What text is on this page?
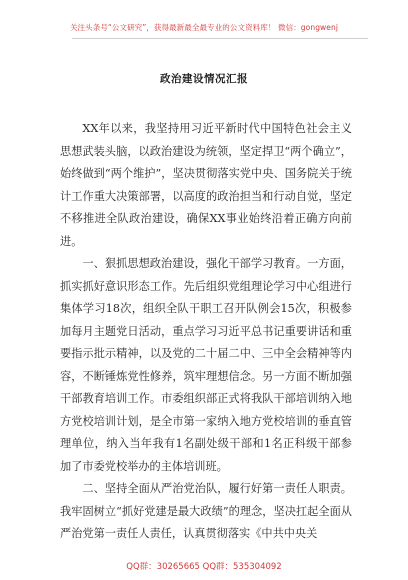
关注头条号“公文研究”，获得最新最全最专业的公文资料库！ 微信：gongwenj
政治建设情况汇报

XX年以来，我坚持用习近平新时代中国特色社会主义思想武装头脑，以政治建设为统领，坚定捍卫“两个确立”，始终做到“两个维护”，坚决贯彻落实党中央、国务院关于统计工作重大决策部署，以高度的政治担当和行动自觉，坚定不移推进全队政治建设，确保XX事业始终沿着正确方向前进。

一、狠抓思想政治建设，强化干部学习教育。一方面，抓实抓好意识形态工作。先后组织党组理论学习中心组进行集体学习18次，组织全队干职工召开队例会15次，积极参加每月主题党日活动，重点学习习近平总书记重要讲话和重要指示批示精神，以及党的二十届二中、三中全会精神等内容，不断锤炼党性修养，筑牢理想信念。另一方面不断加强干部教育培训工作。市委组织部正式将我队干部培训纳入地方党校培训计划，是全市第一家纳入地方党校培训的垂直管理单位，纳入当年我有1名副处级干部和1名正科级干部参加了市委党校举办的主体培训班。

二、坚持全面从严治党治队，履行好第一责任人职责。我牢固树立“抓好党建是最大政绩”的理念，坚决扛起全面从严治党第一责任人责任，认真贯彻落实《中共中央关

QQ群：30265665 QQ群：535304092
